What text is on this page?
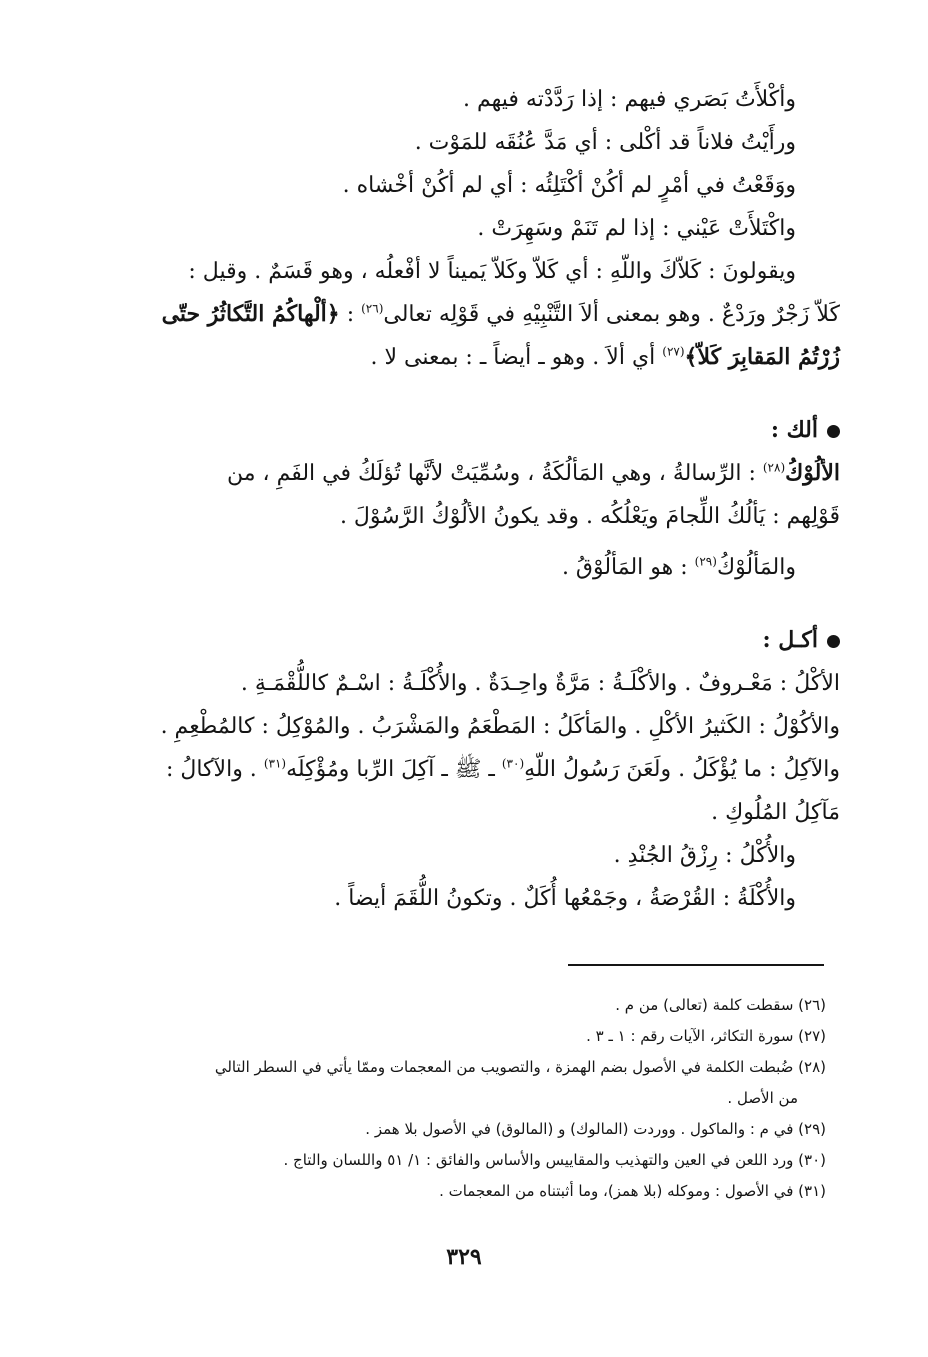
وأكْلأَتُ بَصَري فيهم : إذا رَدَّدْته فيهم .
ورأَيْتُ فلاناً قد أكْلى : أي مَدَّ عُنُقَه للمَوْت .
ووَقَعْتُ في أمْرٍ لم أكُنْ أكْتَلِئُه : أي لم أكُنْ أخْشاه .
واكْتَلأَتْ عَيْني : إذا لم تَنَمْ وسَهِرَتْ .
ويقولونَ : كَلاّكَ واللّهِ : أي كَلاّ وكَلاّ يَميناً لا أفْعلُه ، وهو قَسَمٌ . وقيل :
كَلاّ زَجْرٌ ورَدْعٌ . وهو بمعنى ألاَ التَّنْبِيْهِ في قَوْلِه تعالى$^{(٢٦)}$ : ﴿ألْهاكُمُ التَّكاثُرُ حتّى
زُرْتُمُ المَقابِرَ كَلاّ﴾$^{(٢٧)}$ أي ألاَ . وهو ـ أيضاً ـ : بمعنى لا .
ألك :
الألُوْكُ$^{(٢٨)}$ : الرِّسالةُ ، وهي المَألُكَةُ ، وسُمِّيَتْ لأنَّها تُؤلَكُ في الفَمِ ، من
قَوْلِهم : يَألُكُ اللِّجامَ ويَعْلُكُه . وقد يكونُ الألُوْكُ الرَّسُوْلَ .
والمَألُوْكُ$^{(٢٩)}$ : هو المَألُوْقُ .
أكـل :
الأكْلُ : مَعْـروفٌ . والأكْلَـةُ : مَرَّةٌ واحِـدَةٌ . والأُكْلَـةُ : اسْـمٌ كاللُّقْمَـةِ .
والأكُوْلُ : الكَثيرُ الأكْلِ . والمَأكَلُ : المَطْعَمُ والمَشْرَبُ . والمُوْكِلُ : كالمُطْعِمِ .
والآكِلُ : ما يُؤْكَلُ . ولَعَنَ رَسُولُ اللّهِ$^{(٣٠)}$ ـ ﷺ ـ آكِلَ الرِّبا ومُؤْكِلَه$^{(٣١)}$ . والآكالُ :
مَآكِلُ المُلُوكِ .
والأُكْلُ : رِزْقُ الجُنْدِ .
والأُكْلَةُ : القُرْصَةُ ، وجَمْعُها أُكَلٌ . وتكونُ اللُّقَمَ أيضاً .
(٢٦) سقطت كلمة (تعالى) من م .
(٢٧) سورة التكاثر، الآيات رقم : ١ ـ ٣ .
(٢٨) ضُبطت الكلمة في الأصول بضم الهمزة ، والتصويب من المعجمات وممّا يأتي في السطر التالي
من الأصل .
(٢٩) في م : والماكول . ووردت (المالوك) و (المالوق) في الأصول بلا همز .
(٣٠) ورد اللعن في العين والتهذيب والمقاييس والأساس والفائق : ١/ ٥١ واللسان والتاج .
(٣١) في الأصول : وموكله (بلا همز)، وما أثبتناه من المعجمات .
٣٢٩
